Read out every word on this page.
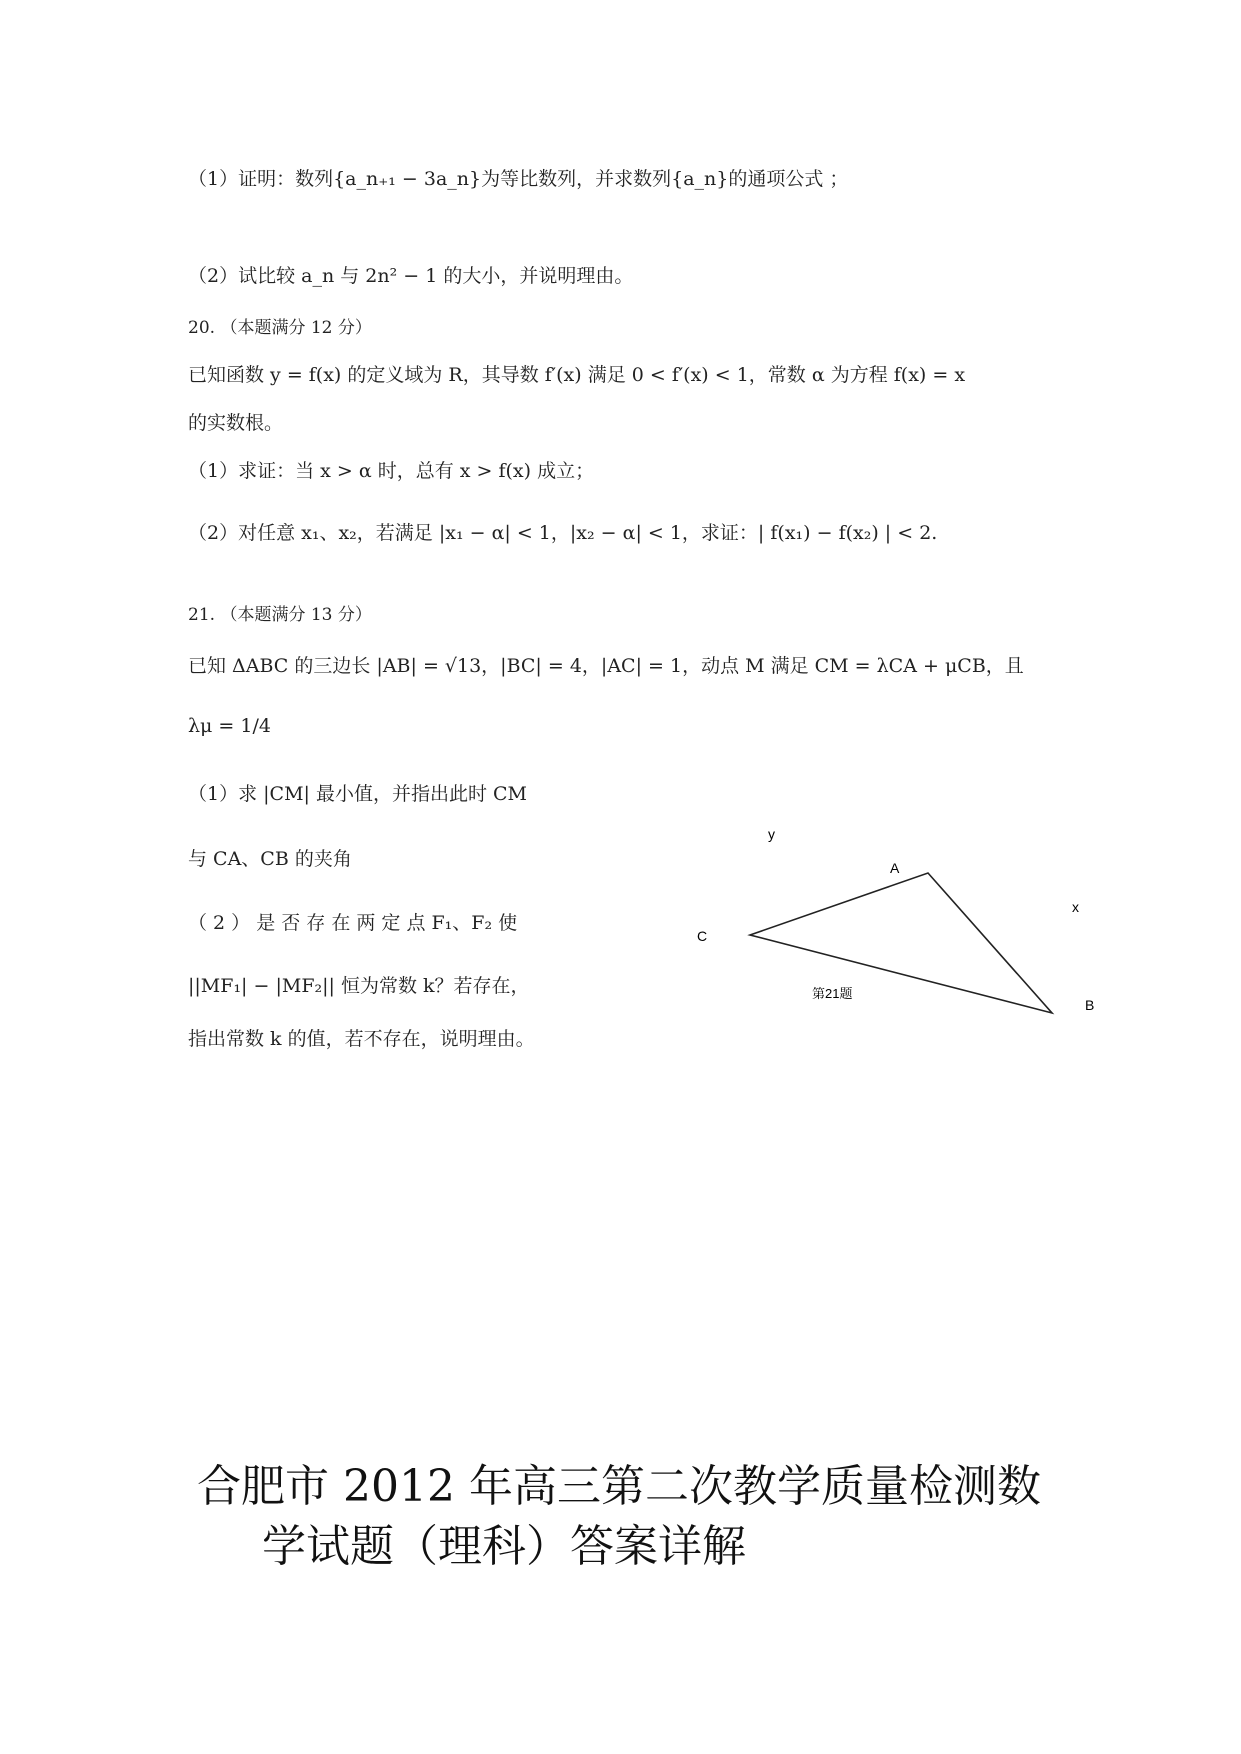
（1）证明：数列{a_n₊₁ − 3a_n}为等比数列，并求数列{a_n}的通项公式 ；
（2）试比较 a_n 与 2n² − 1 的大小，并说明理由。
20. （本题满分 12 分）
已知函数 y = f(x) 的定义域为 R，其导数 f′(x) 满足 0 < f′(x) < 1，常数 α 为方程 f(x) = x
的实数根。
（1）求证：当 x > α 时，总有 x > f(x) 成立；
（2）对任意 x₁、x₂，若满足 |x₁ − α| < 1，|x₂ − α| < 1，求证：| f(x₁) − f(x₂) | < 2.
21. （本题满分 13 分）
已知 ΔABC 的三边长 |AB| = √13，|BC| = 4，|AC| = 1，动点 M 满足 CM = λCA + μCB，且
λμ = 1/4
（1）求 |CM| 最小值，并指出此时 CM
与 CA、CB 的夹角
（ 2 ） 是 否 存 在 两 定 点 F₁、F₂ 使
||MF₁| − |MF₂|| 恒为常数 k？若存在，
指出常数 k 的值，若不存在，说明理由。
y
x
A
B
C
第21题
合肥市 2012 年高三第二次教学质量检测数
学试题（理科）答案详解
